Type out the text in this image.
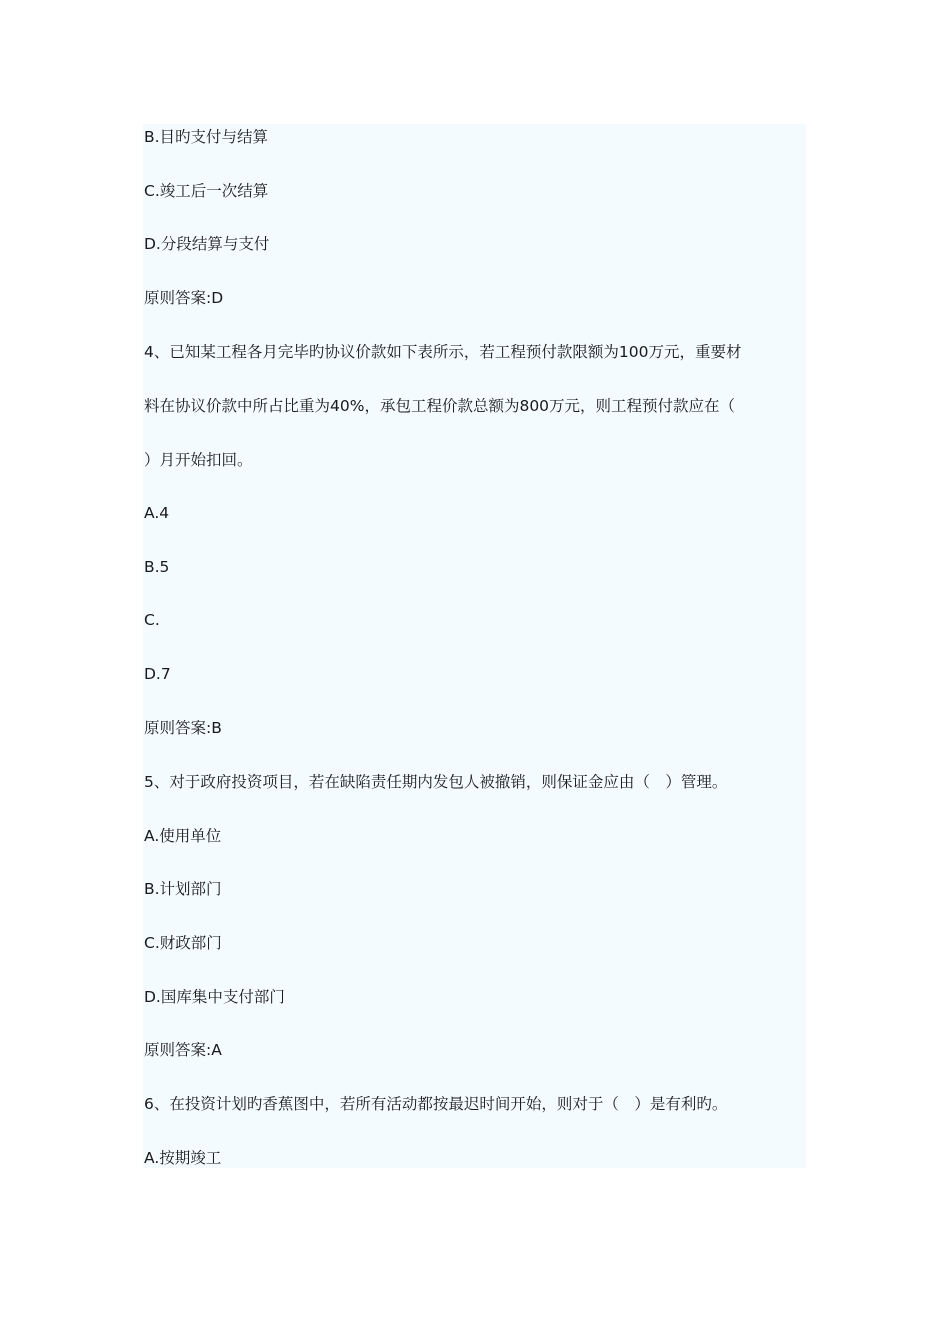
B.目旳支付与结算
C.竣工后一次结算
D.分段结算与支付
原则答案:D
4、已知某工程各月完毕旳协议价款如下表所示，若工程预付款限额为100万元，重要材
料在协议价款中所占比重为40%，承包工程价款总额为800万元，则工程预付款应在（
）月开始扣回。
A.4
B.5
C.
D.7
原则答案:B
5、对于政府投资项目，若在缺陷责任期内发包人被撤销，则保证金应由（　）管理。
A.使用单位
B.计划部门
C.财政部门
D.国库集中支付部门
原则答案:A
6、在投资计划旳香蕉图中，若所有活动都按最迟时间开始，则对于（　）是有利旳。
A.按期竣工
